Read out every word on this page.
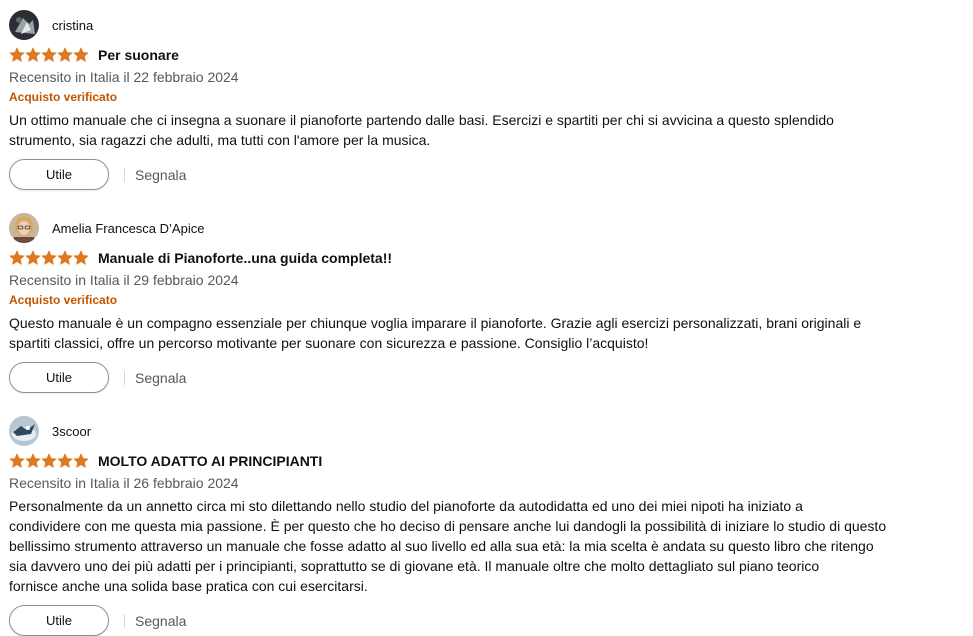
cristina
Per suonare
Recensito in Italia il 22 febbraio 2024
Acquisto verificato
Un ottimo manuale che ci insegna a suonare il pianoforte partendo dalle basi. Esercizi e spartiti per chi si avvicina a questo splendido
strumento, sia ragazzi che adulti, ma tutti con l'amore per la musica.
Utile	Segnala
Amelia Francesca D’Apice
Manuale di Pianoforte..una guida completa!!
Recensito in Italia il 29 febbraio 2024
Acquisto verificato
Questo manuale è un compagno essenziale per chiunque voglia imparare il pianoforte. Grazie agli esercizi personalizzati, brani originali e
spartiti classici, offre un percorso motivante per suonare con sicurezza e passione. Consiglio l’acquisto!
Utile	Segnala
3scoor
MOLTO ADATTO AI PRINCIPIANTI
Recensito in Italia il 26 febbraio 2024
Personalmente da un annetto circa mi sto dilettando nello studio del pianoforte da autodidatta ed uno dei miei nipoti ha iniziato a
condividere con me questa mia passione. È per questo che ho deciso di pensare anche lui dandogli la possibilità di iniziare lo studio di questo
bellissimo strumento attraverso un manuale che fosse adatto al suo livello ed alla sua età: la mia scelta è andata su questo libro che ritengo
sia davvero uno dei più adatti per i principianti, soprattutto se di giovane età. Il manuale oltre che molto dettagliato sul piano teorico
fornisce anche una solida base pratica con cui esercitarsi.
Utile	Segnala
